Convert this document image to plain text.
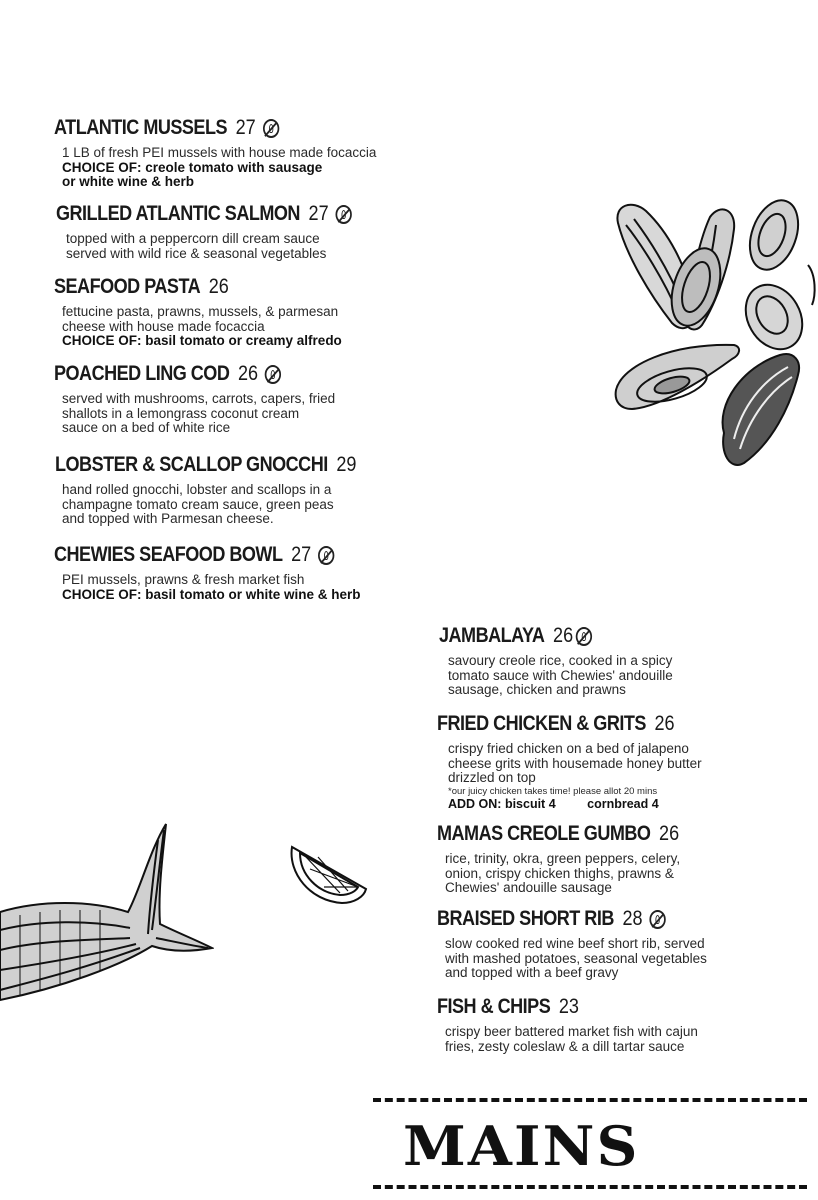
ATLANTIC MUSSELS 27
1 LB of fresh PEI mussels with house made focaccia
CHOICE OF: creole tomato with sausage
or white wine & herb
GRILLED ATLANTIC SALMON 27
topped with a peppercorn dill cream sauce
served with wild rice & seasonal vegetables
SEAFOOD PASTA 26
fettucine pasta, prawns, mussels, & parmesan
cheese with house made focaccia
CHOICE OF: basil tomato or creamy alfredo
POACHED LING COD 26
served with mushrooms, carrots, capers, fried
shallots in a lemongrass coconut cream
sauce on a bed of white rice
LOBSTER & SCALLOP GNOCCHI 29
hand rolled gnocchi, lobster and scallops in a
champagne tomato cream sauce, green peas
and topped with Parmesan cheese.
CHEWIES SEAFOOD BOWL 27
PEI mussels, prawns & fresh market fish
CHOICE OF: basil tomato or white wine & herb
JAMBALAYA 26
savoury creole rice, cooked in a spicy
tomato sauce with Chewies' andouille
sausage, chicken and prawns
FRIED CHICKEN & GRITS 26
crispy fried chicken on a bed of jalapeno
cheese grits with housemade honey butter
drizzled on top
*our juicy chicken takes time! please allot 20 mins
ADD ON: biscuit 4	cornbread 4
MAMAS CREOLE GUMBO 26
rice, trinity, okra, green peppers, celery,
onion, crispy chicken thighs, prawns &
Chewies' andouille sausage
BRAISED SHORT RIB 28
slow cooked red wine beef short rib, served
with mashed potatoes, seasonal vegetables
and topped with a beef gravy
FISH & CHIPS 23
crispy beer battered market fish with cajun
fries, zesty coleslaw & a dill tartar sauce
MAINS
